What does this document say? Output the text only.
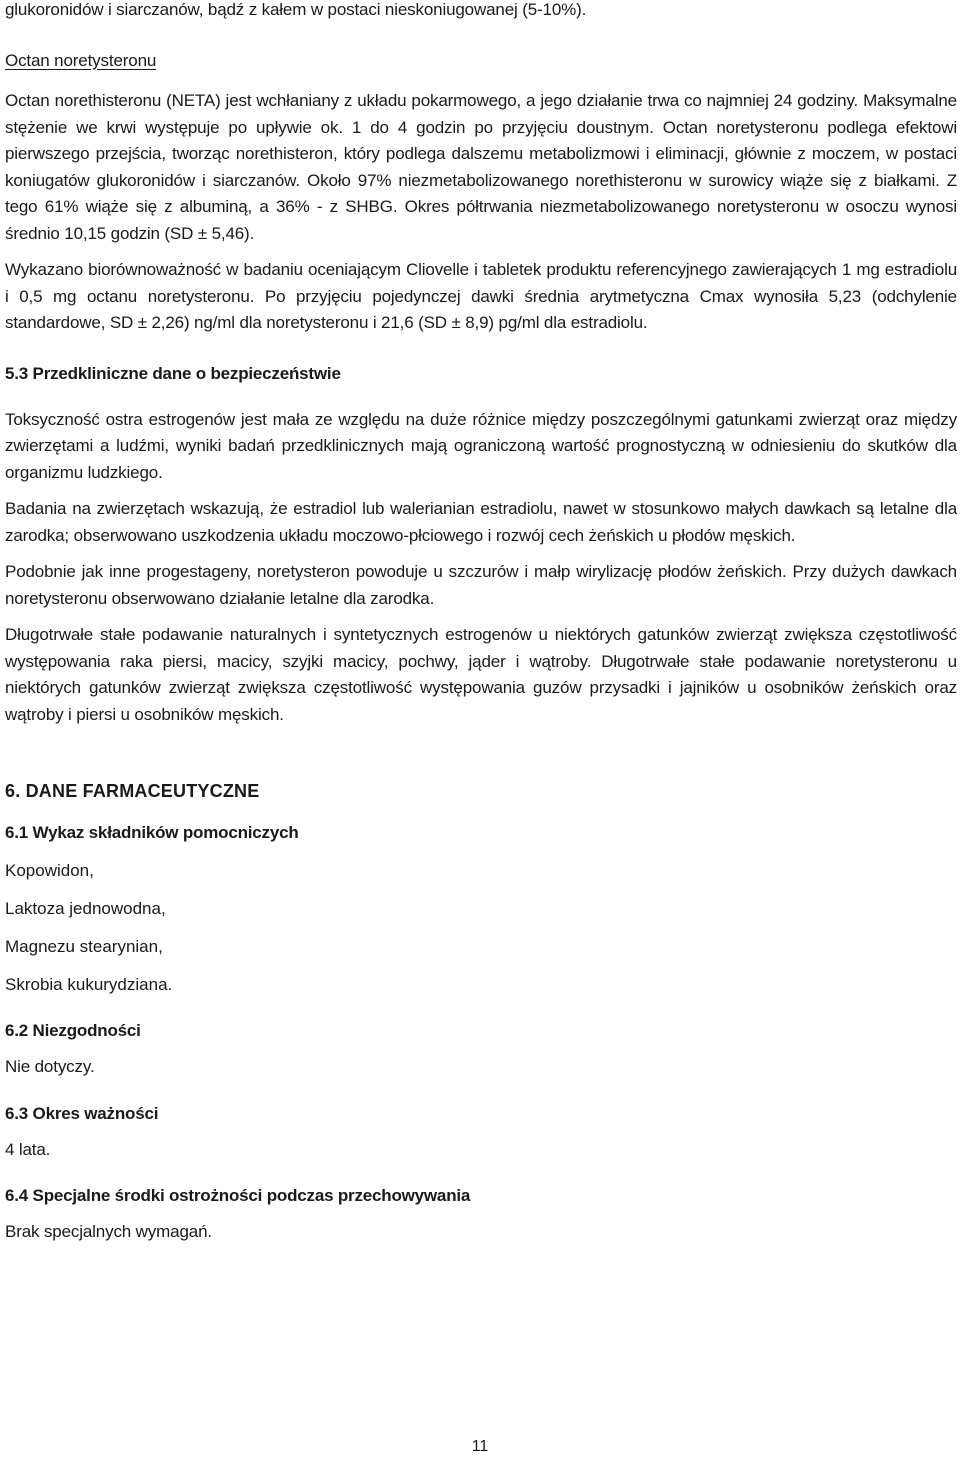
glukoronidów i siarczanów, bądź z kałem w postaci nieskoniugowanej (5-10%).

Octan noretysteronu

Octan norethisteronu (NETA) jest wchłaniany z układu pokarmowego, a jego działanie trwa co najmniej 24 godziny. Maksymalne stężenie we krwi występuje po upływie ok. 1 do 4 godzin po przyjęciu doustnym. Octan noretysteronu podlega efektowi pierwszego przejścia, tworząc norethisteron, który podlega dalszemu metabolizmowi i eliminacji, głównie z moczem, w postaci koniugatów glukoronidów i siarczanów. Około 97% niezmetabolizowanego norethisteronu w surowicy wiąże się z białkami. Z tego 61% wiąże się z albuminą, a 36% - z SHBG. Okres półtrwania niezmetabolizowanego noretysteronu w osoczu wynosi średnio 10,15 godzin (SD ± 5,46).

Wykazano biorównoważność w badaniu oceniającym Cliovelle i tabletek produktu referencyjnego zawierających 1 mg estradiolu i 0,5 mg octanu noretysteronu. Po przyjęciu pojedynczej dawki średnia arytmetyczna Cmax wynosiła 5,23 (odchylenie standardowe, SD ± 2,26) ng/ml dla noretysteronu i 21,6 (SD ± 8,9) pg/ml dla estradiolu.

5.3 Przedkliniczne dane o bezpieczeństwie

Toksyczność ostra estrogenów jest mała ze względu na duże różnice między poszczególnymi gatunkami zwierząt oraz między zwierzętami a ludźmi, wyniki badań przedklinicznych mają ograniczoną wartość prognostyczną w odniesieniu do skutków dla organizmu ludzkiego.

Badania na zwierzętach wskazują, że estradiol lub walerianian estradiolu, nawet w stosunkowo małych dawkach są letalne dla zarodka; obserwowano uszkodzenia układu moczowo-płciowego i rozwój cech żeńskich u płodów męskich.

Podobnie jak inne progestageny, noretysteron powoduje u szczurów i małp wirylizację płodów żeńskich. Przy dużych dawkach noretysteronu obserwowano działanie letalne dla zarodka.

Długotrwałe stałe podawanie naturalnych i syntetycznych estrogenów u niektórych gatunków zwierząt zwiększa częstotliwość występowania raka piersi, macicy, szyjki macicy, pochwy, jąder i wątroby. Długotrwałe stałe podawanie noretysteronu u niektórych gatunków zwierząt zwiększa częstotliwość występowania guzów przysadki i jajników u osobników żeńskich oraz wątroby i piersi u osobników męskich.

6. DANE FARMACEUTYCZNE
6.1 Wykaz składników pomocniczych
Kopowidon,
Laktoza jednowodna,
Magnezu stearynian,
Skrobia kukurydziana.
6.2 Niezgodności

Nie dotyczy.

6.3 Okres ważności

4 lata.

6.4 Specjalne środki ostrożności podczas przechowywania

Brak specjalnych wymagań.

11
